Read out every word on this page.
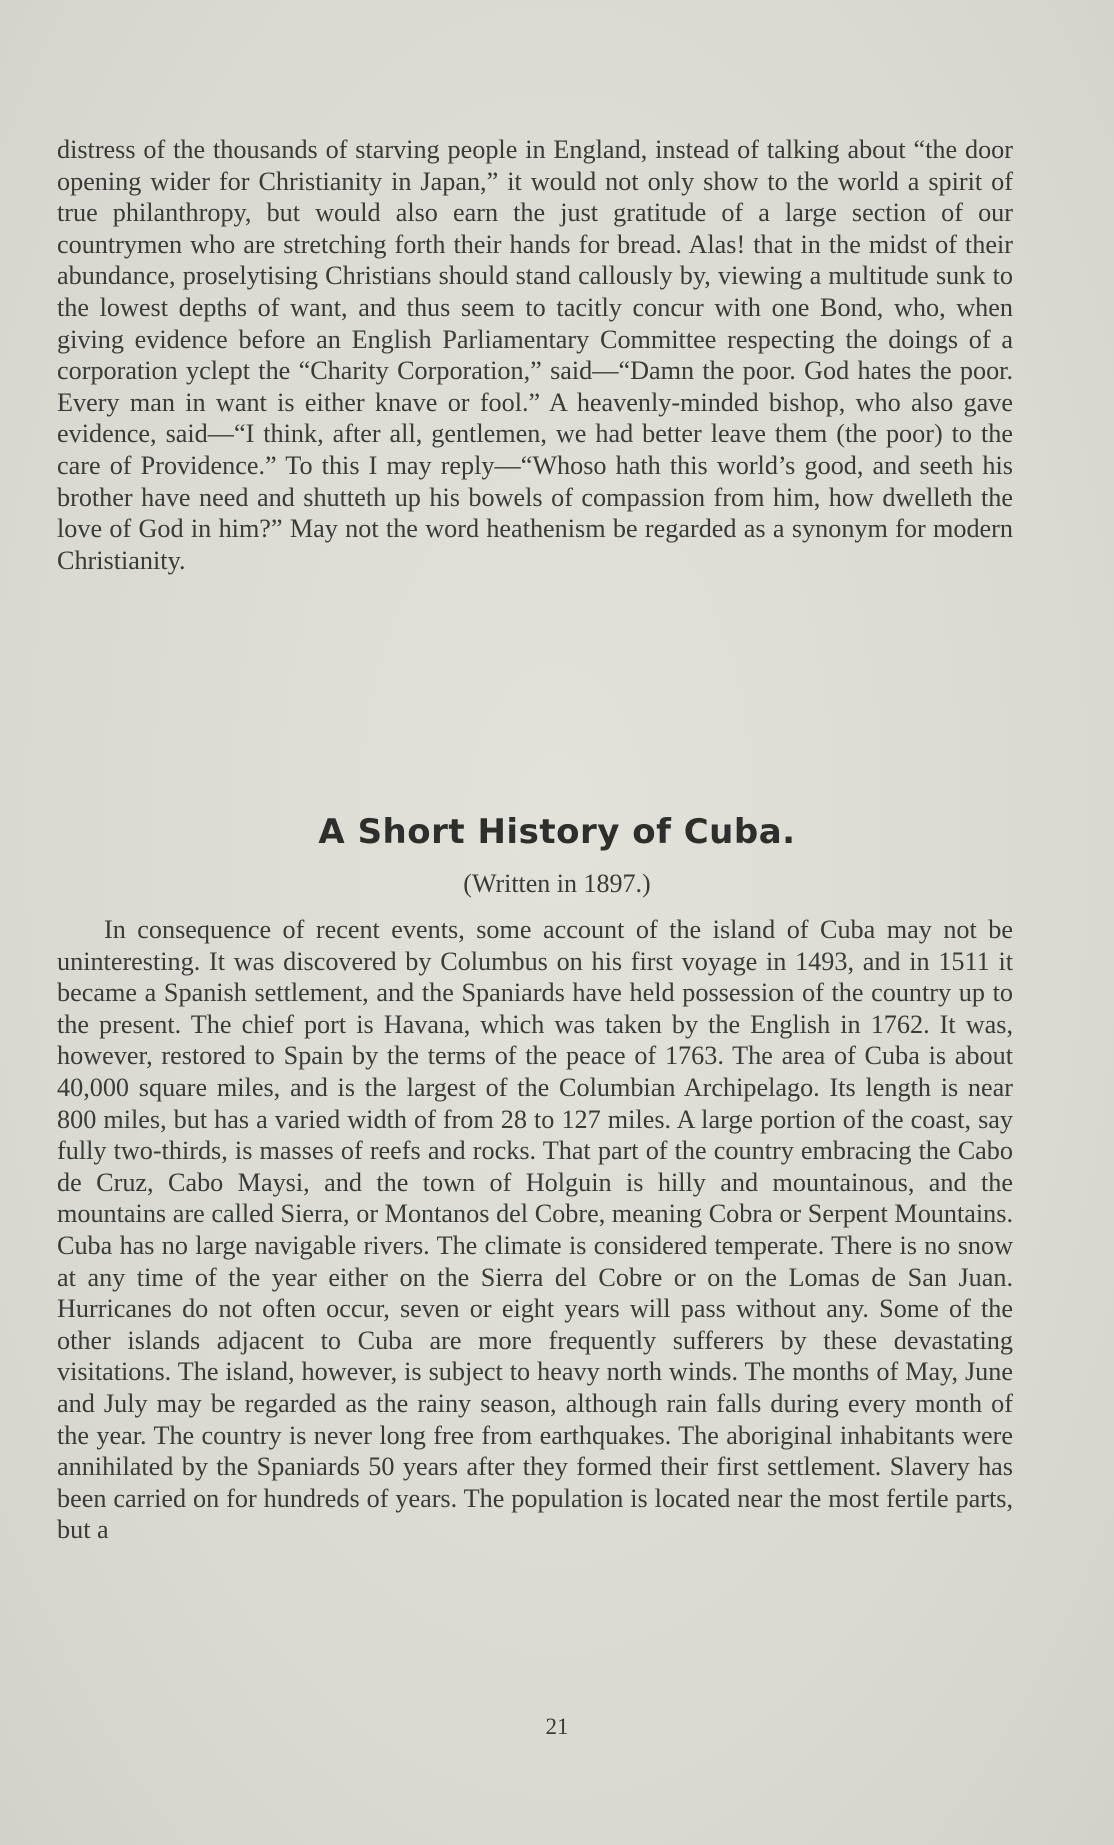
distress of the thousands of starving people in England, instead of talking about “the door opening wider for Christianity in Japan,” it would not only show to the world a spirit of true philanthropy, but would also earn the just gratitude of a large section of our countrymen who are stretching forth their hands for bread. Alas! that in the midst of their abundance, proselytising Christians should stand callously by, viewing a multitude sunk to the lowest depths of want, and thus seem to tacitly concur with one Bond, who, when giving evidence before an English Parliamentary Committee respecting the doings of a corporation yclept the “Charity Corporation,” said—“Damn the poor. God hates the poor. Every man in want is either knave or fool.” A heavenly-minded bishop, who also gave evidence, said—“I think, after all, gentlemen, we had better leave them (the poor) to the care of Providence.” To this I may reply—“Whoso hath this world’s good, and seeth his brother have need and shutteth up his bowels of compassion from him, how dwelleth the love of God in him?” May not the word heathenism be regarded as a synonym for modern Christianity.

A Short History of Cuba.
(Written in 1897.)

In consequence of recent events, some account of the island of Cuba may not be uninteresting. It was discovered by Columbus on his first voyage in 1493, and in 1511 it became a Spanish settlement, and the Spaniards have held possession of the country up to the present. The chief port is Havana, which was taken by the English in 1762. It was, however, restored to Spain by the terms of the peace of 1763. The area of Cuba is about 40,000 square miles, and is the largest of the Columbian Archipelago. Its length is near 800 miles, but has a varied width of from 28 to 127 miles. A large portion of the coast, say fully two-thirds, is masses of reefs and rocks. That part of the country embracing the Cabo de Cruz, Cabo Maysi, and the town of Holguin is hilly and mountainous, and the mountains are called Sierra, or Montanos del Cobre, meaning Cobra or Serpent Mountains. Cuba has no large navigable rivers. The climate is considered temperate. There is no snow at any time of the year either on the Sierra del Cobre or on the Lomas de San Juan. Hurricanes do not often occur, seven or eight years will pass without any. Some of the other islands adjacent to Cuba are more frequently sufferers by these devastating visitations. The island, however, is subject to heavy north winds. The months of May, June and July may be regarded as the rainy season, although rain falls during every month of the year. The country is never long free from earthquakes. The aboriginal inhabitants were annihilated by the Spaniards 50 years after they formed their first settlement. Slavery has been carried on for hundreds of years. The population is located near the most fertile parts, but a

21
